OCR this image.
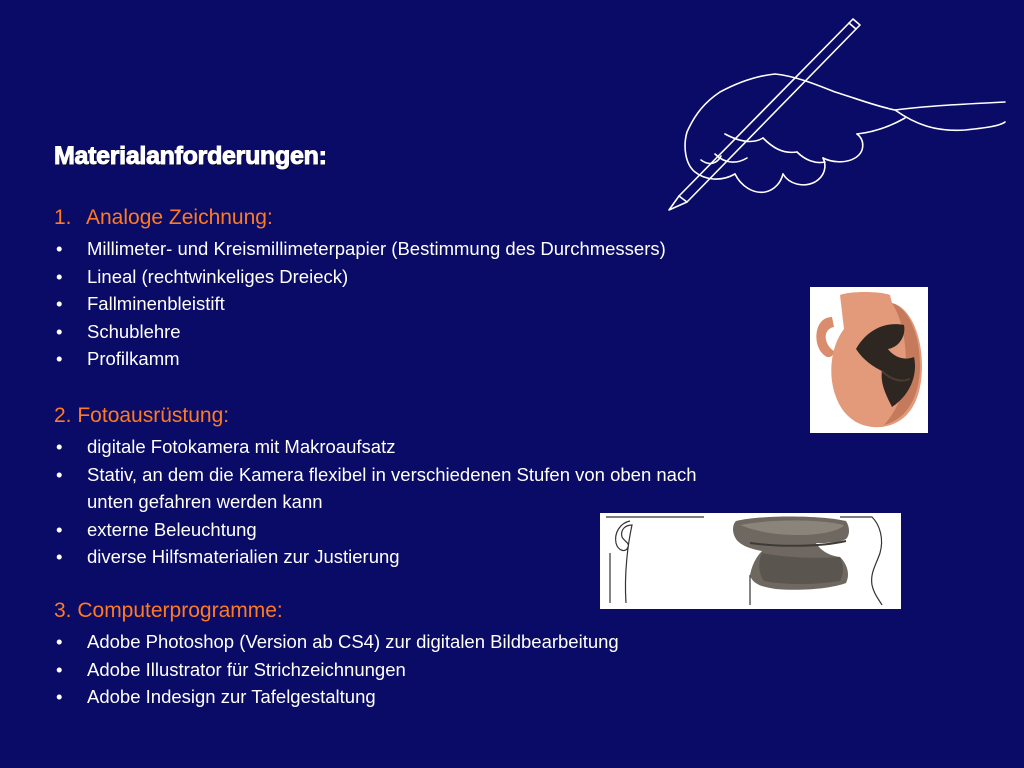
Materialanforderungen:
1. Analoge Zeichnung:
•	Millimeter- und Kreismillimeterpapier (Bestimmung des Durchmessers)
•	Lineal (rechtwinkeliges Dreieck)
•	Fallminenbleistift
•	Schublehre
•	Profilkamm
2. Fotoausrüstung:
•	digitale Fotokamera mit Makroaufsatz
•	Stativ, an dem die Kamera flexibel in verschiedenen Stufen von oben nach
unten gefahren werden kann
•	externe Beleuchtung
•	diverse Hilfsmaterialien zur Justierung
3. Computerprogramme:
•	Adobe Photoshop (Version ab CS4) zur digitalen Bildbearbeitung
•	Adobe Illustrator für Strichzeichnungen
•	Adobe Indesign zur Tafelgestaltung
